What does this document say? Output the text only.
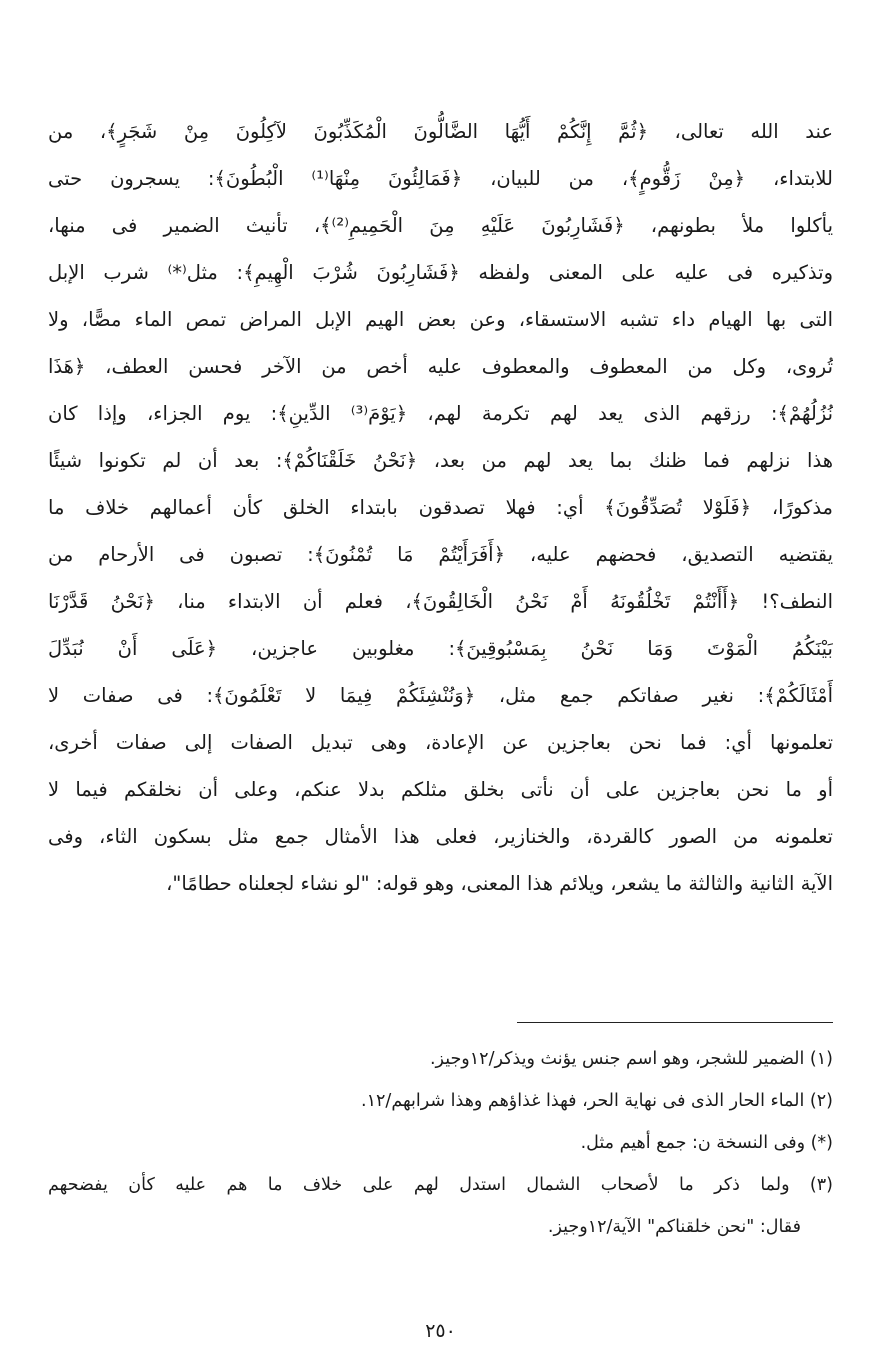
عند الله تعالى، ﴿ثُمَّ إِنَّكُمْ أَيُّهَا الضَّالُّونَ الْمُكَذِّبُونَ لآكِلُونَ مِنْ شَجَرٍ﴾، من
للابتداء، ﴿مِنْ زَقُّومٍ﴾، من للبيان، ﴿فَمَالِئُونَ مِنْهَا⁽¹⁾ الْبُطُونَ﴾: يسجرون حتى
يأكلوا ملأ بطونهم، ﴿فَشَارِبُونَ عَلَيْهِ مِنَ الْحَمِيمِ⁽²⁾﴾، تأنيث الضمير فى منها،
وتذكيره فى عليه على المعنى ولفظه ﴿فَشَارِبُونَ شُرْبَ الْهِيمِ﴾: مثل⁽*⁾ شرب الإبل
التى بها الهيام داء تشبه الاستسقاء، وعن بعض الهيم الإبل المراض تمص الماء مصًّا، ولا
تُروى، وكل من المعطوف والمعطوف عليه أخص من الآخر فحسن العطف، ﴿هَذَا
نُزُلُهُمْ﴾: رزقهم الذى يعد لهم تكرمة لهم، ﴿يَوْمَ⁽³⁾ الدِّينِ﴾: يوم الجزاء، وإذا كان
هذا نزلهم فما ظنك بما يعد لهم من بعد، ﴿نَحْنُ خَلَقْنَاكُمْ﴾: بعد أن لم تكونوا شيئًا
مذكورًا، ﴿فَلَوْلا تُصَدِّقُونَ﴾ أي: فهلا تصدقون بابتداء الخلق كأن أعمالهم خلاف ما
يقتضيه التصديق، فحضهم عليه، ﴿أَفَرَأَيْتُمْ مَا تُمْنُونَ﴾: تصبون فى الأرحام من
النطف؟! ﴿أَأَنْتُمْ تَخْلُقُونَهُ أَمْ نَحْنُ الْخَالِقُونَ﴾، فعلم أن الابتداء منا، ﴿نَحْنُ قَدَّرْنَا
بَيْنَكُمُ الْمَوْتَ وَمَا نَحْنُ بِمَسْبُوقِينَ﴾: مغلوبين عاجزين، ﴿عَلَى أَنْ نُبَدِّلَ
أَمْثَالَكُمْ﴾: نغير صفاتكم جمع مثل، ﴿وَنُنْشِئَكُمْ فِيمَا لا تَعْلَمُونَ﴾: فى صفات لا
تعلمونها أي: فما نحن بعاجزين عن الإعادة، وهى تبديل الصفات إلى صفات أخرى،
أو ما نحن بعاجزين على أن نأتى بخلق مثلكم بدلا عنكم، وعلى أن نخلقكم فيما لا
تعلمونه من الصور كالقردة، والخنازير، فعلى هذا الأمثال جمع مثل بسكون الثاء، وفى
الآية الثانية والثالثة ما يشعر، ويلائم هذا المعنى، وهو قوله: "لو نشاء لجعلناه حطامًا"،
(١) الضمير للشجر، وهو اسم جنس يؤنث ويذكر/١٢وجيز.
(٢) الماء الحار الذى فى نهاية الحر، فهذا غذاؤهم وهذا شرابهم/١٢.
(*) وفى النسخة ن: جمع أهيم مثل.
(٣) ولما ذكر ما لأصحاب الشمال استدل لهم على خلاف ما هم عليه كأن يفضحهم
فقال: "نحن خلقناكم" الآية/١٢وجيز.
٢٥٠
